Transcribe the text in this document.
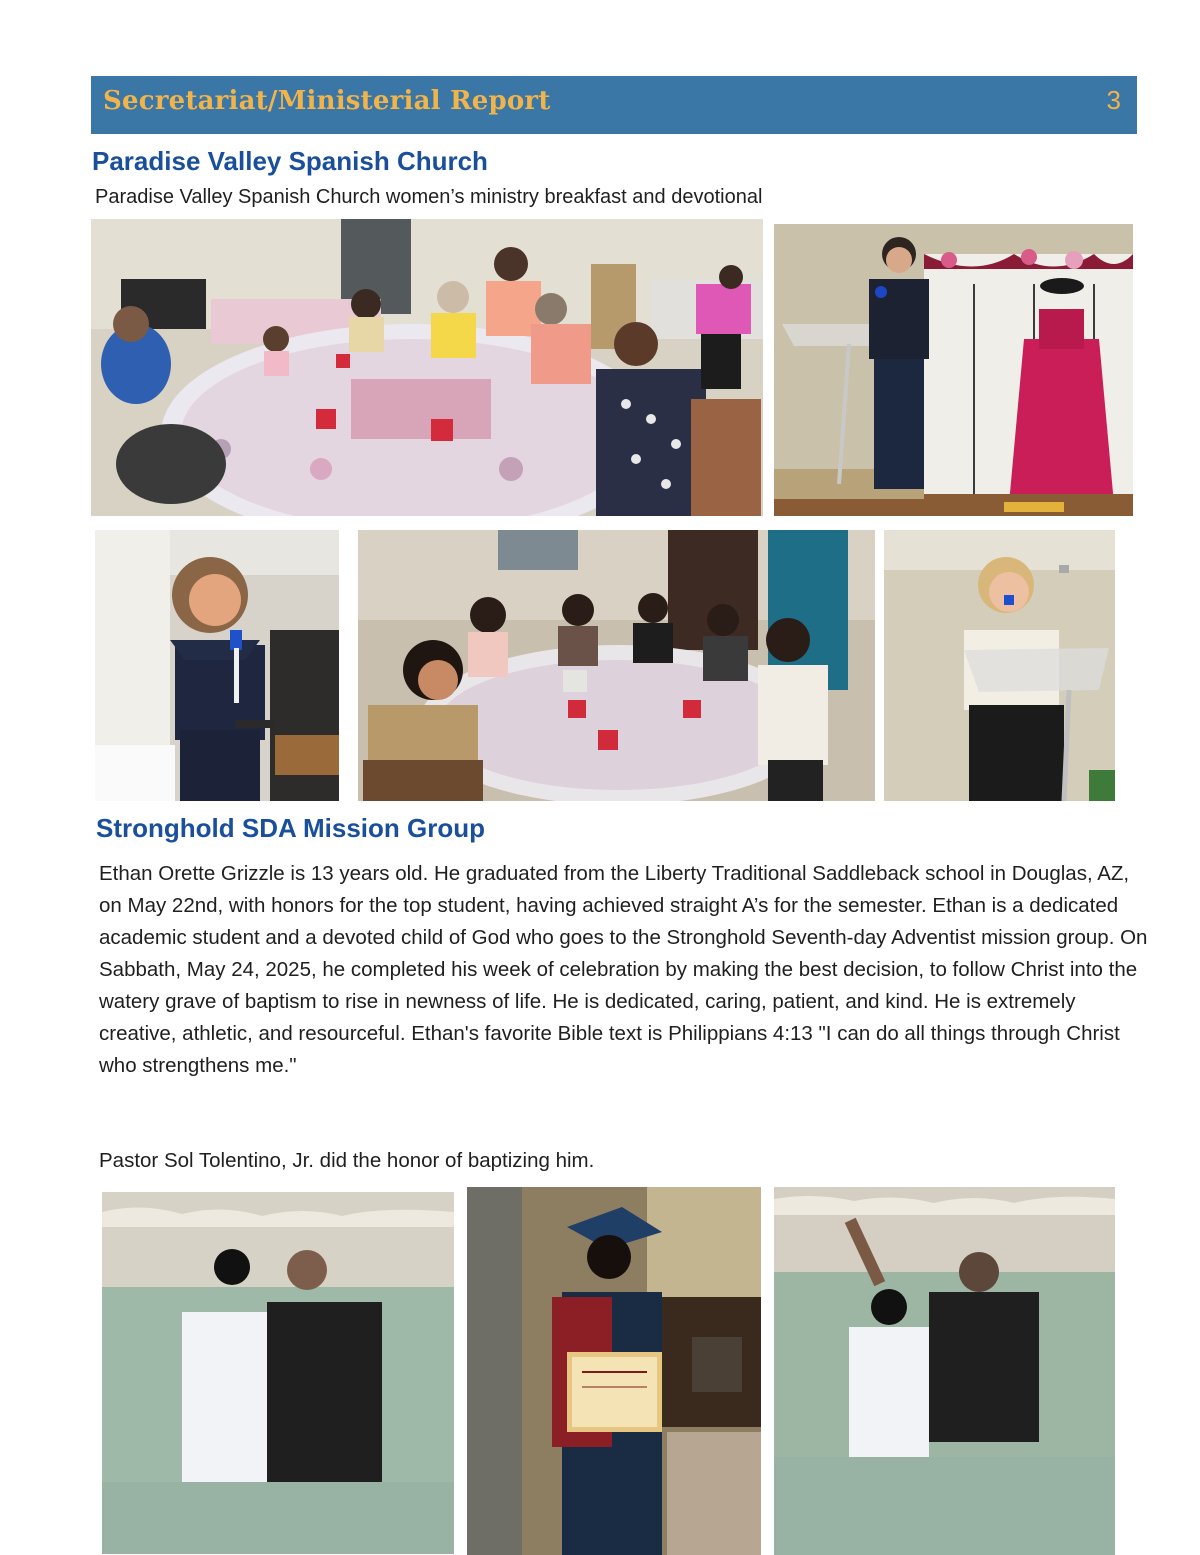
Secretariat/Ministerial Report	3
Paradise Valley Spanish Church
Paradise Valley Spanish Church women’s ministry breakfast and devotional
Stronghold SDA Mission Group

Ethan Orette Grizzle is 13 years old. He graduated from the Liberty Traditional Saddleback school in Douglas, AZ, on May 22nd, with honors for the top student, having achieved straight A’s for the semester. Ethan is a dedicated academic student and a devoted child of God who goes to the Stronghold Seventh-day Adventist mission group. On Sabbath, May 24, 2025, he completed his week of celebration by making the best decision, to follow Christ into the watery grave of baptism to rise in newness of life. He is dedicated, caring, patient, and kind. He is extremely creative, athletic, and resourceful. Ethan's favorite Bible text is Philippians 4:13 "I can do all things through Christ who strengthens me."

Pastor Sol Tolentino, Jr. did the honor of baptizing him.
